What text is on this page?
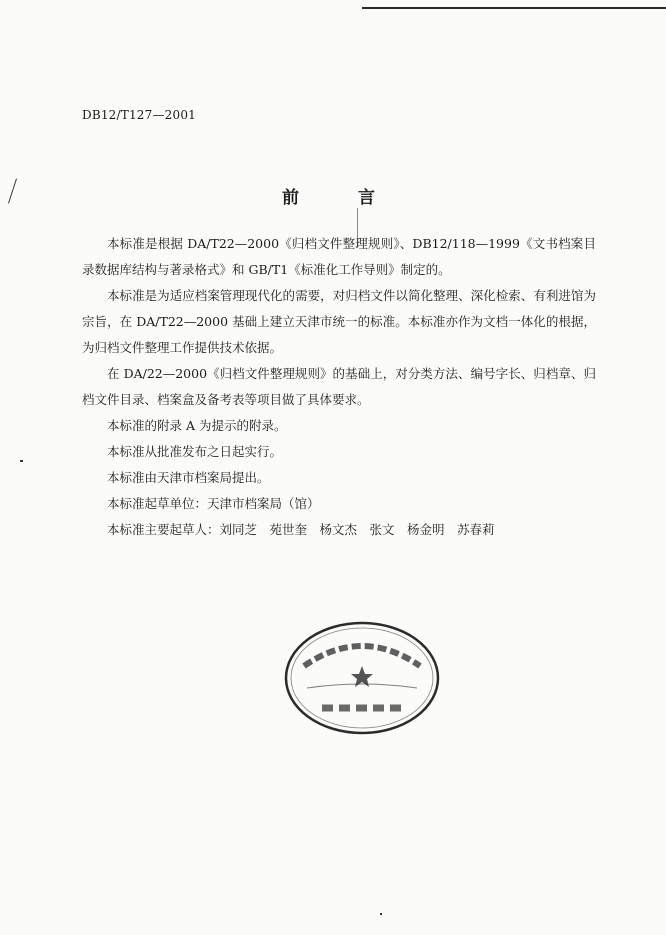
DB12/T127—2001
前	言

本标准是根据 DA/T22—2000《归档文件整理规则》、DB12/118—1999《文书档案目录数据库结构与著录格式》和 GB/T1《标准化工作导则》制定的。

本标准是为适应档案管理现代化的需要，对归档文件以简化整理、深化检索、有利进馆为宗旨，在 DA/T22—2000 基础上建立天津市统一的标准。本标准亦作为文档一体化的根据，为归档文件整理工作提供技术依据。

在 DA/22—2000《归档文件整理规则》的基础上，对分类方法、编号字长、归档章、归档文件目录、档案盒及备考表等项目做了具体要求。

本标准的附录 A 为提示的附录。

本标准从批准发布之日起实行。

本标准由天津市档案局提出。

本标准起草单位：天津市档案局（馆）

本标准主要起草人：刘同芝　苑世奎　杨文杰　张文　杨金明　苏春莉
